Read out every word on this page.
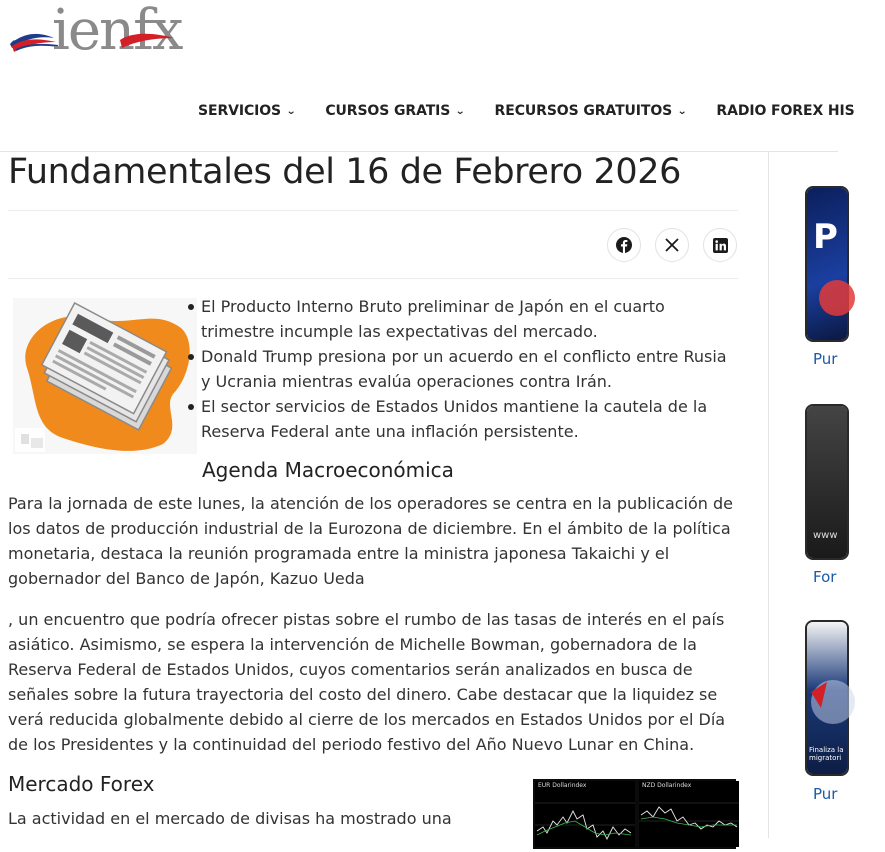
ienfx
SERVICIOS ⌄ CURSOS GRATIS ⌄ RECURSOS GRATUITOS ⌄ RADIO FOREX HIS
Fundamentales del 16 de Febrero 2026
El Producto Interno Bruto preliminar de Japón en el cuarto trimestre incumple las expectativas del mercado.
Donald Trump presiona por un acuerdo en el conflicto entre Rusia y Ucrania mientras evalúa operaciones contra Irán.
El sector servicios de Estados Unidos mantiene la cautela de la Reserva Federal ante una inflación persistente.
Agenda Macroeconómica

Para la jornada de este lunes, la atención de los operadores se centra en la publicación de los datos de producción industrial de la Eurozona de diciembre. En el ámbito de la política monetaria, destaca la reunión programada entre la ministra japonesa Takaichi y el gobernador del Banco de Japón, Kazuo Ueda

, un encuentro que podría ofrecer pistas sobre el rumbo de las tasas de interés en el país asiático. Asimismo, se espera la intervención de Michelle Bowman, gobernadora de la Reserva Federal de Estados Unidos, cuyos comentarios serán analizados en busca de señales sobre la futura trayectoria del costo del dinero. Cabe destacar que la liquidez se verá reducida globalmente debido al cierre de los mercados en Estados Unidos por el Día de los Presidentes y la continuidad del periodo festivo del Año Nuevo Lunar en China.

Mercado Forex	EUR Dollarindex	NZD Dollarindex

La actividad en el mercado de divisas ha mostrado una

P
Pur
www
For
Finaliza la migratori
Pur
